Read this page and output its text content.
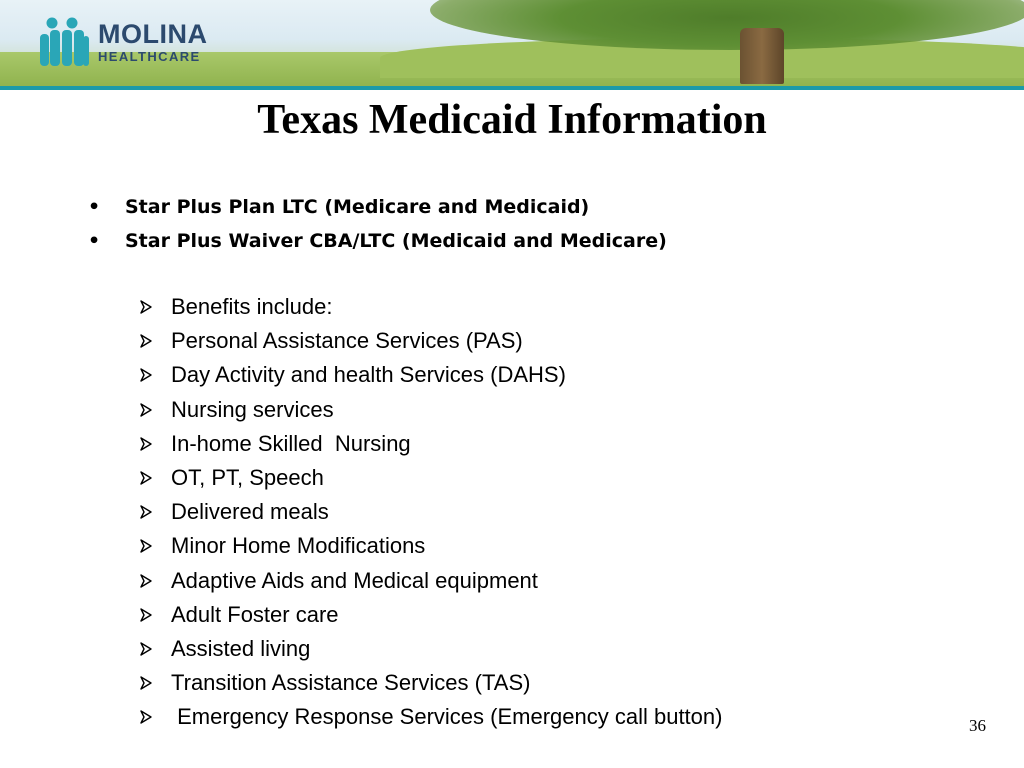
MOLINA
HEALTHCARE
Texas Medicaid Information
•	Star Plus Plan LTC (Medicare and Medicaid)
•	Star Plus Waiver CBA/LTC (Medicaid and Medicare)
Benefits include:
Personal Assistance Services (PAS)
Day Activity and health Services (DAHS)
Nursing services
In-home Skilled  Nursing
OT, PT, Speech
Delivered meals
Minor Home Modifications
Adaptive Aids and Medical equipment
Adult Foster care
Assisted living
Transition Assistance Services (TAS)
Emergency Response Services (Emergency call button)	36
